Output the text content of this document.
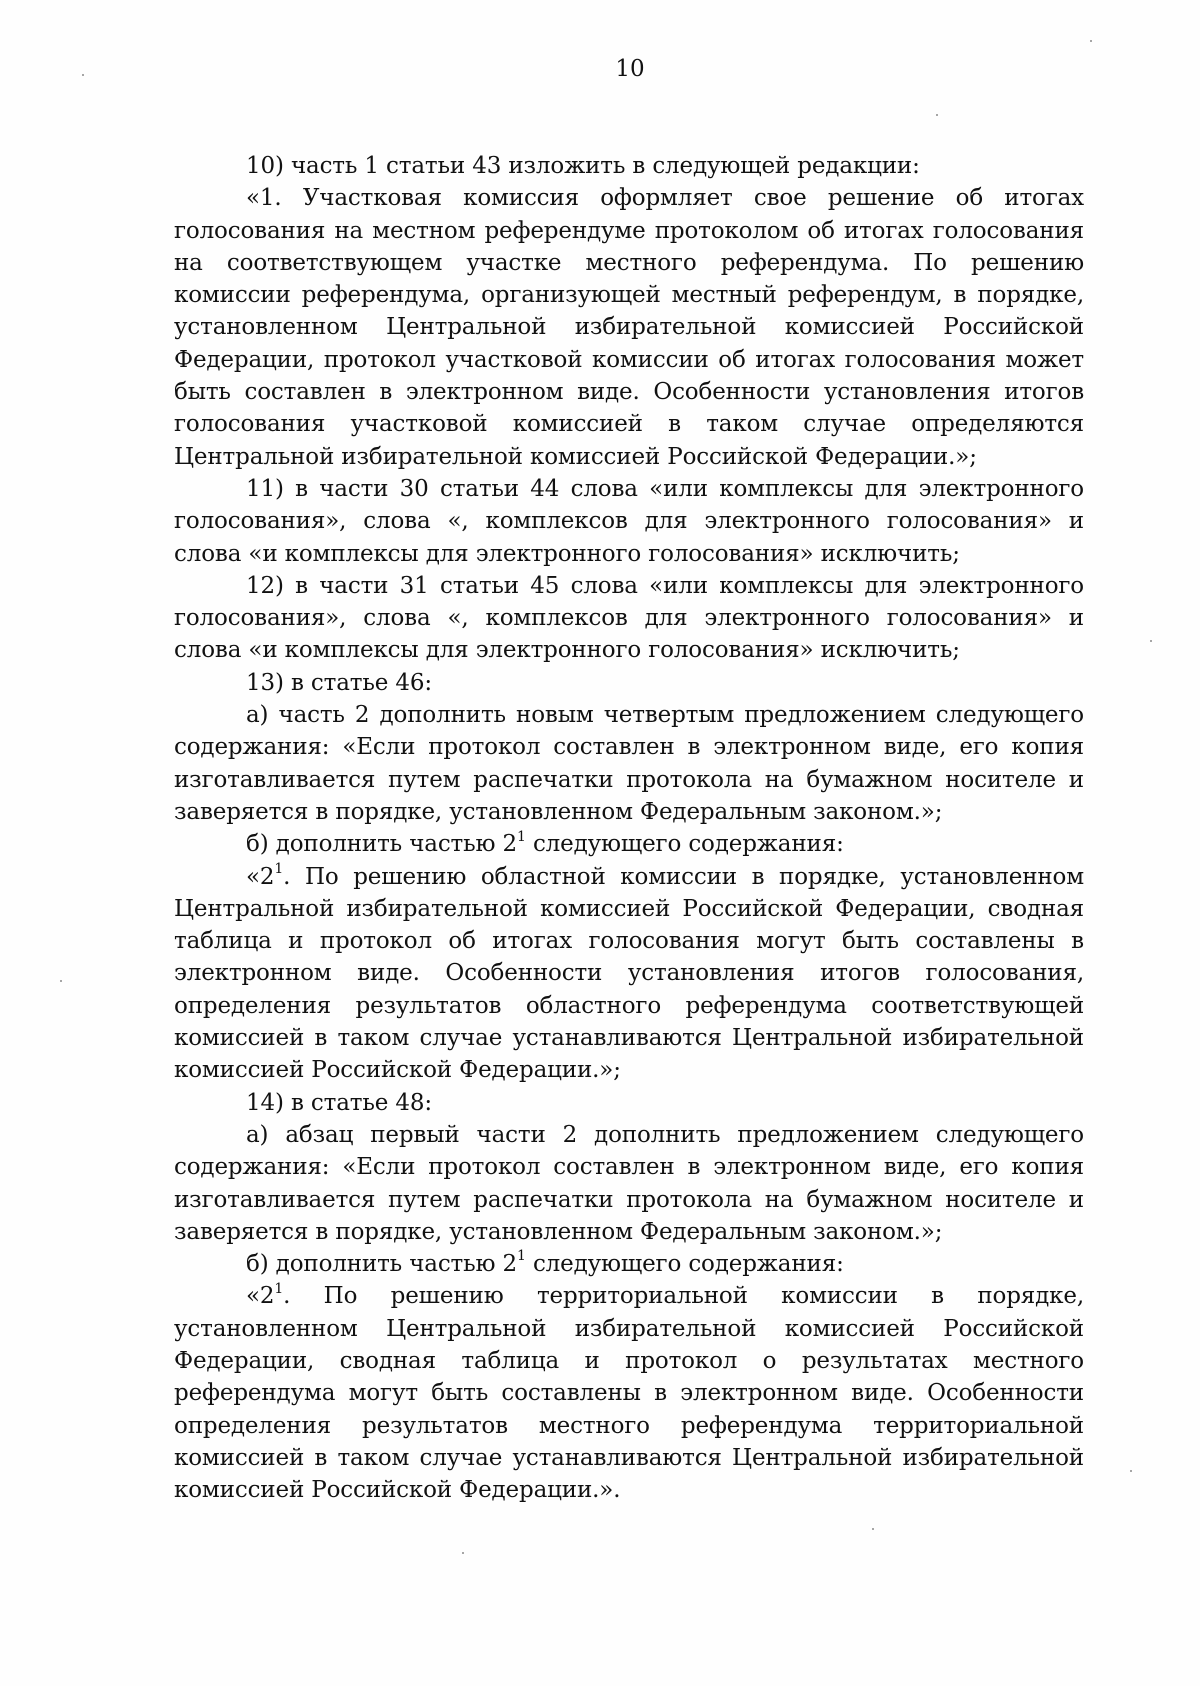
10

10) часть 1 статьи 43 изложить в следующей редакции:

«1. Участковая комиссия оформляет свое решение об итогах голосования на местном референдуме протоколом об итогах голосования на соответствующем участке местного референдума. По решению комиссии референдума, организующей местный референдум, в порядке, установленном Центральной избирательной комиссией Российской Федерации, протокол участковой комиссии об итогах голосования может быть составлен в электронном виде. Особенности установления итогов голосования участковой комиссией в таком случае определяются Центральной избирательной комиссией Российской Федерации.»;

11) в части 30 статьи 44 слова «или комплексы для электронного голосования», слова «, комплексов для электронного голосования» и слова «и комплексы для электронного голосования» исключить;

12) в части 31 статьи 45 слова «или комплексы для электронного голосования», слова «, комплексов для электронного голосования» и слова «и комплексы для электронного голосования» исключить;

13) в статье 46:

а) часть 2 дополнить новым четвертым предложением следующего содержания: «Если протокол составлен в электронном виде, его копия изготавливается путем распечатки протокола на бумажном носителе и заверяется в порядке, установленном Федеральным законом.»;

б) дополнить частью $2^1$ следующего содержания:

«$2^1$. По решению областной комиссии в порядке, установленном Центральной избирательной комиссией Российской Федерации, сводная таблица и протокол об итогах голосования могут быть составлены в электронном виде. Особенности установления итогов голосования, определения результатов областного референдума соответствующей комиссией в таком случае устанавливаются Центральной избирательной комиссией Российской Федерации.»;

14) в статье 48:

а) абзац первый части 2 дополнить предложением следующего содержания: «Если протокол составлен в электронном виде, его копия изготавливается путем распечатки протокола на бумажном носителе и заверяется в порядке, установленном Федеральным законом.»;

б) дополнить частью $2^1$ следующего содержания:

«$2^1$. По решению территориальной комиссии в порядке, установленном Центральной избирательной комиссией Российской Федерации, сводная таблица и протокол о результатах местного референдума могут быть составлены в электронном виде. Особенности определения результатов местного референдума территориальной комиссией в таком случае устанавливаются Центральной избирательной комиссией Российской Федерации.».
